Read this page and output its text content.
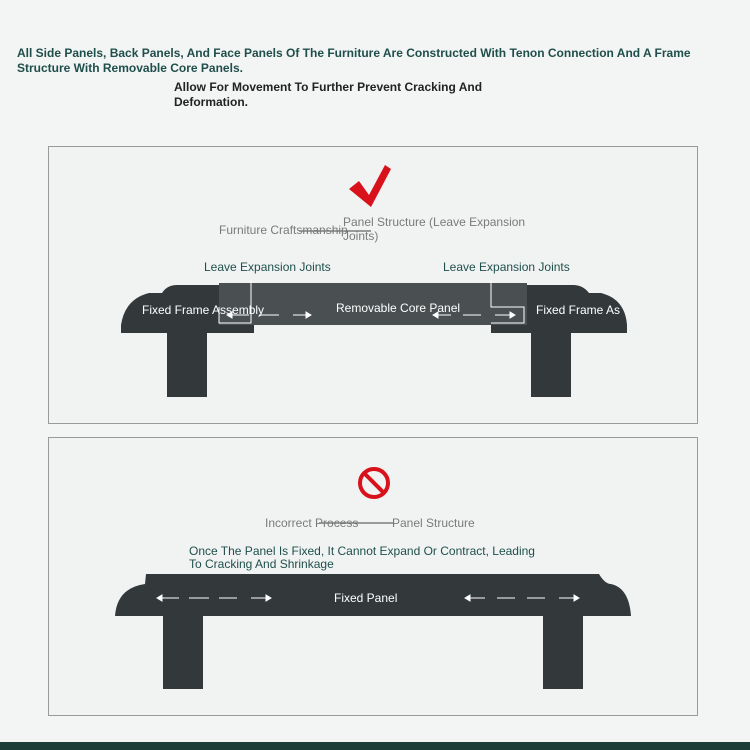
All Side Panels, Back Panels, And Face Panels Of The Furniture Are Constructed With Tenon Connection And A Frame Structure With Removable Core Panels.
Allow For Movement To Further Prevent Cracking And Deformation.
Furniture Craftsmanship
Panel Structure (Leave Expansion Joints)
Leave Expansion Joints	Leave Expansion Joints
Fixed Frame Assembly	Removable Core Panel	Fixed Frame As
Incorrect Process	Panel Structure
Once The Panel Is Fixed, It Cannot Expand Or Contract, Leading To Cracking And Shrinkage
Fixed Panel
